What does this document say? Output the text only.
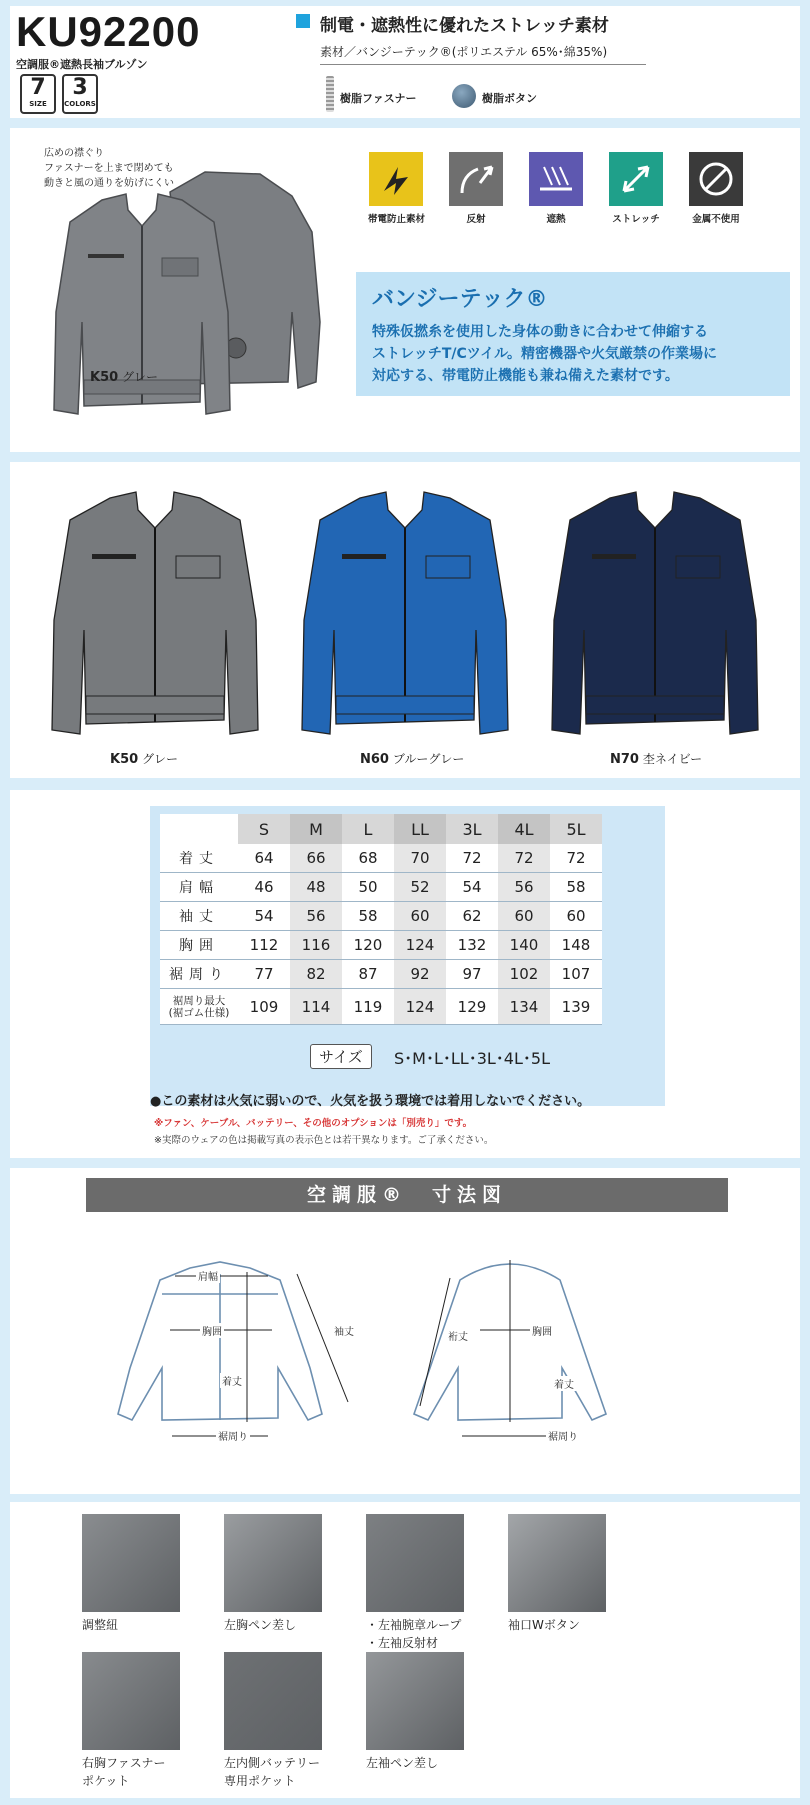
KU92200
空調服®遮熱長袖ブルゾン
7
SIZE
3
COLORS
制電・遮熱性に優れたストレッチ素材
素材／バンジーテック®(ポリエステル 65%･綿35%)
樹脂ファスナー	樹脂ボタン
広めの襟ぐり
ファスナーを上まで閉めても
動きと風の通りを妨げにくい
K50 グレー
帯電防止素材	反射	遮熱	ストレッチ	金属不使用
バンジーテック®
特殊仮撚糸を使用した身体の動きに合わせて伸縮する
ストレッチT/Cツイル。精密機器や火気厳禁の作業場に
対応する、帯電防止機能も兼ね備えた素材です。
K50 グレー	N60 ブルーグレー	N70 杢ネイビー
	S	M	L	LL	3L	4L	5L
着丈	64	66	68	70	72	72	72
肩幅	46	48	50	52	54	56	58
袖丈	54	56	58	60	62	60	60
胸囲	112	116	120	124	132	140	148
裾周り	77	82	87	92	97	102	107
裾周り最大
(裾ゴム仕様)	109	114	119	124	129	134	139
サイズ	S･M･L･LL･3L･4L･5L
●この素材は火気に弱いので、火気を扱う環境では着用しないでください。
※ファン、ケーブル、バッテリー、その他のオプションは「別売り」です。
※実際のウェアの色は掲載写真の表示色とは若干異なります。ご了承ください。
空調服®　寸法図
肩幅
胸囲
着丈
袖丈
裾周り
裄丈	胸囲
着丈
裾周り
調整紐	左胸ペン差し	・左袖腕章ループ
・左袖反射材
袖口Wボタン
右胸ファスナー
ポケット
左内側バッテリー
専用ポケット
左袖ペン差し
